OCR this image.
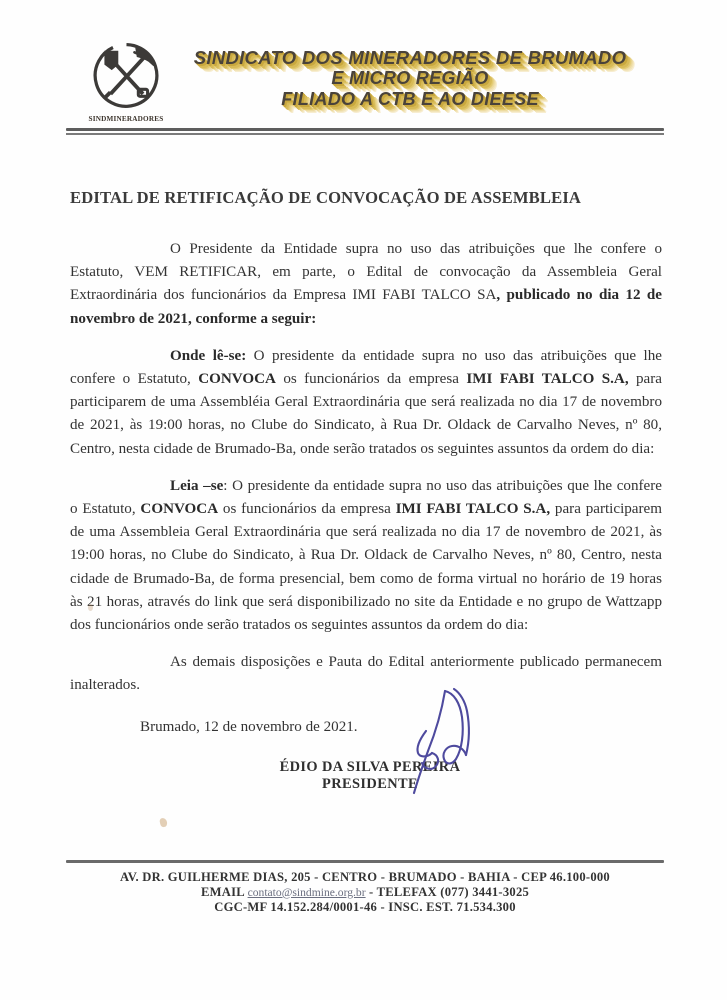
SINDMINERADORES
SINDICATO DOS MINERADORES DE BRUMADO
E MICRO REGIÃO
FILIADO A CTB E AO DIEESE
EDITAL DE RETIFICAÇÃO DE CONVOCAÇÃO DE ASSEMBLEIA

O Presidente da Entidade supra no uso das atribuições que lhe confere o Estatuto, VEM RETIFICAR, em parte, o Edital de convocação da Assembleia Geral Extraordinária dos funcionários da Empresa IMI FABI TALCO SA, publicado no dia 12 de novembro de 2021, conforme a seguir:

Onde lê-se: O presidente da entidade supra no uso das atribuições que lhe confere o Estatuto, CONVOCA os funcionários da empresa IMI FABI TALCO S.A, para participarem de uma Assembléia Geral Extraordinária que será realizada no dia 17 de novembro de 2021, às 19:00 horas, no Clube do Sindicato, à Rua Dr. Oldack de Carvalho Neves, nº 80, Centro, nesta cidade de Brumado-Ba, onde serão tratados os seguintes assuntos da ordem do dia:

Leia –se: O presidente da entidade supra no uso das atribuições que lhe confere o Estatuto, CONVOCA os funcionários da empresa IMI FABI TALCO S.A, para participarem de uma Assembleia Geral Extraordinária que será realizada no dia 17 de novembro de 2021, às 19:00 horas, no Clube do Sindicato, à Rua Dr. Oldack de Carvalho Neves, nº 80, Centro, nesta cidade de Brumado-Ba, de forma presencial, bem como de forma virtual no horário de 19 horas às 21 horas, através do link que será disponibilizado no site da Entidade e no grupo de Wattzapp dos funcionários onde serão tratados os seguintes assuntos da ordem do dia:

As demais disposições e Pauta do Edital anteriormente publicado permanecem inalterados.

Brumado, 12 de novembro de 2021.

ÉDIO DA SILVA PEREIRA
PRESIDENTE
AV. DR. GUILHERME DIAS, 205 - CENTRO - BRUMADO - BAHIA - CEP 46.100-000
EMAIL contato@sindmine.org.br - TELEFAX (077) 3441-3025
CGC-MF 14.152.284/0001-46 - INSC. EST. 71.534.300
